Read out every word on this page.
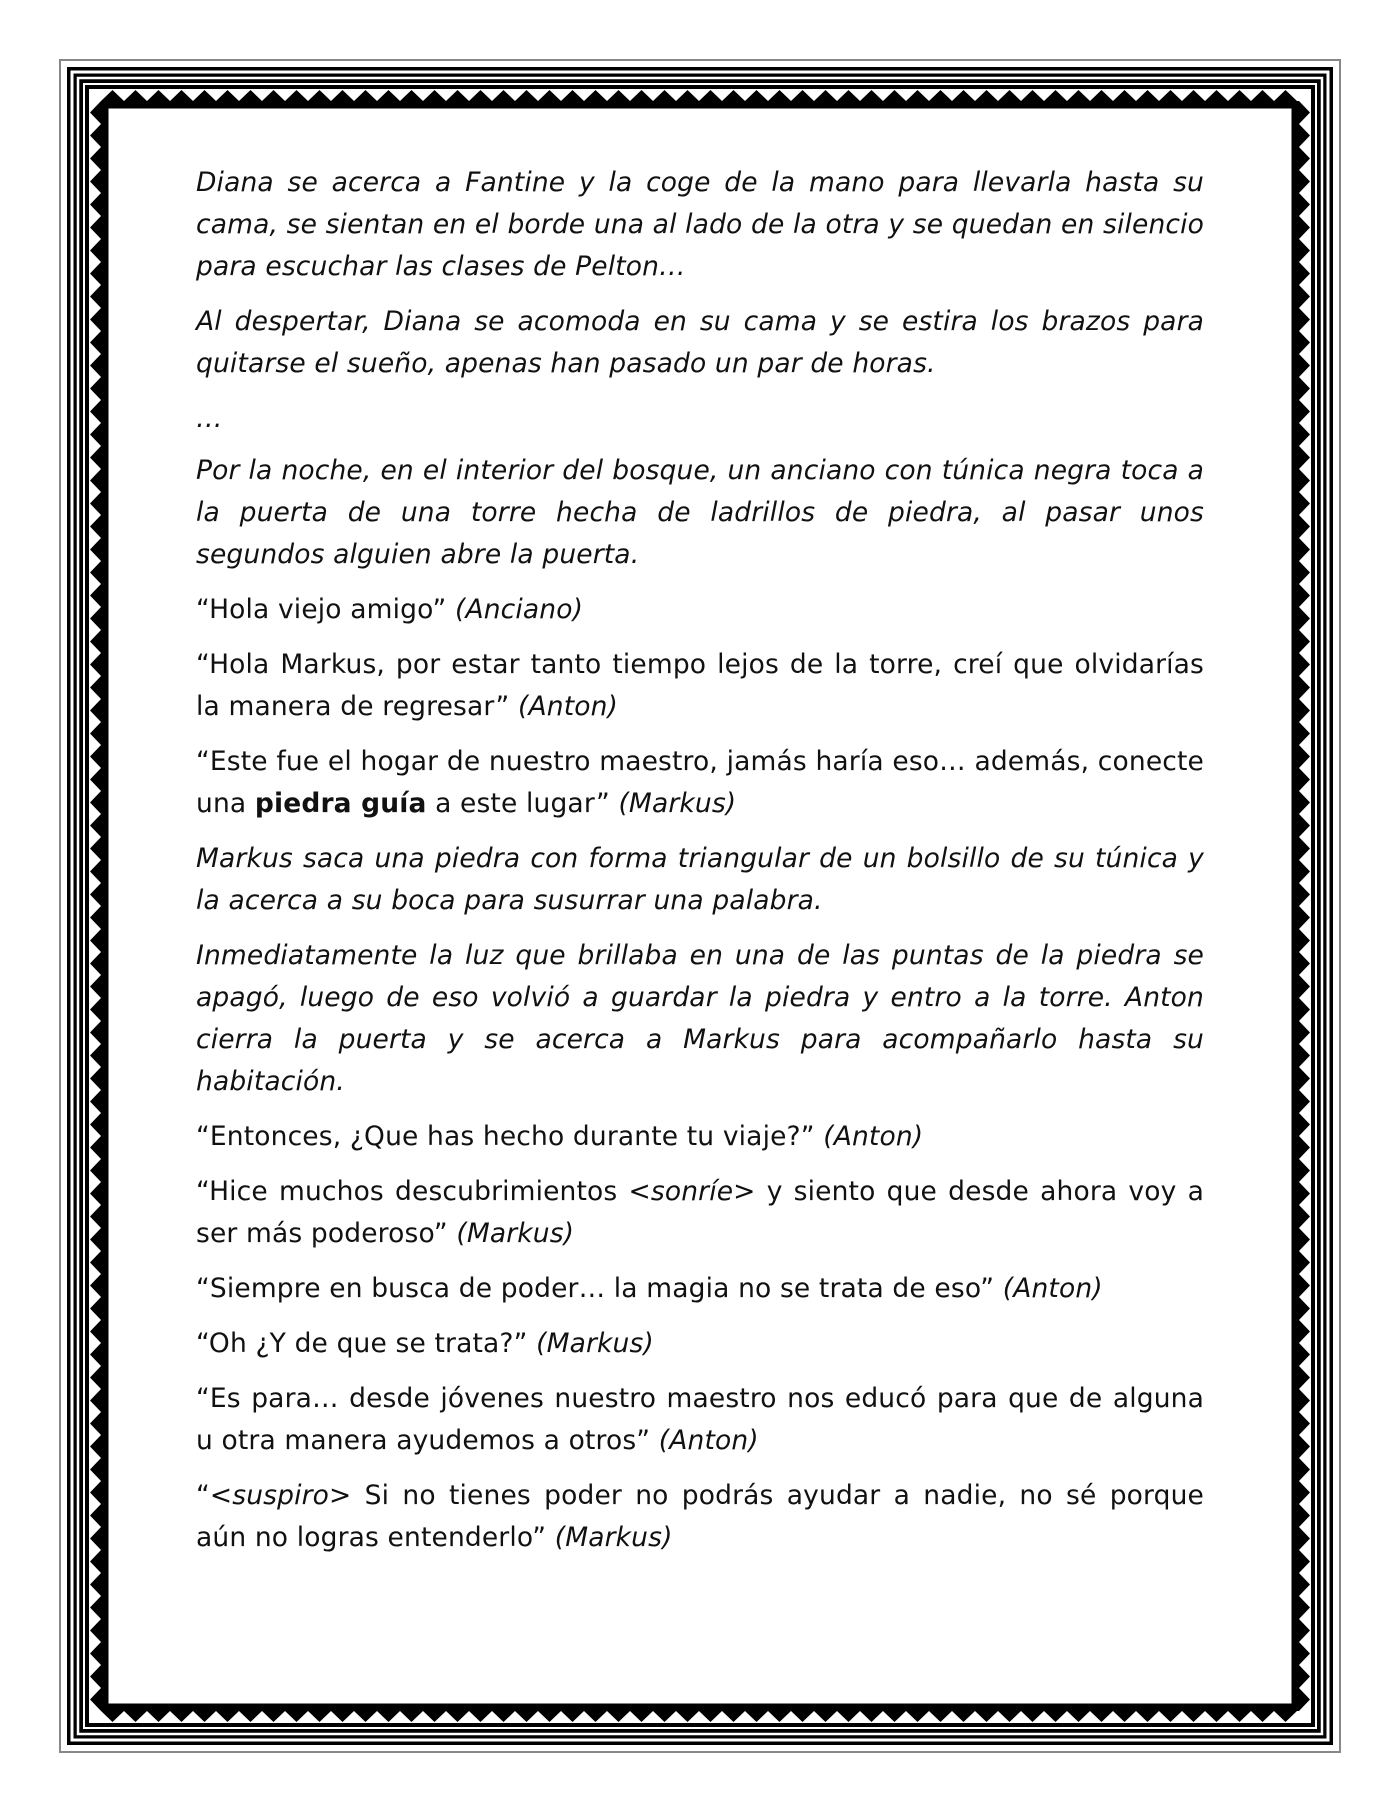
Diana se acerca a Fantine y la coge de la mano para llevarla hasta su cama, se sientan en el borde una al lado de la otra y se quedan en silencio para escuchar las clases de Pelton…

Al despertar, Diana se acomoda en su cama y se estira los brazos para quitarse el sueño, apenas han pasado un par de horas.

…

Por la noche, en el interior del bosque, un anciano con túnica negra toca a la puerta de una torre hecha de ladrillos de piedra, al pasar unos segundos alguien abre la puerta.

“Hola viejo amigo” (Anciano)

“Hola Markus, por estar tanto tiempo lejos de la torre, creí que olvidarías la manera de regresar” (Anton)

“Este fue el hogar de nuestro maestro, jamás haría eso… además, conecte una piedra guía a este lugar” (Markus)

Markus saca una piedra con forma triangular de un bolsillo de su túnica y la acerca a su boca para susurrar una palabra.

Inmediatamente la luz que brillaba en una de las puntas de la piedra se apagó, luego de eso volvió a guardar la piedra y entro a la torre. Anton cierra la puerta y se acerca a Markus para acompañarlo hasta su habitación.

“Entonces, ¿Que has hecho durante tu viaje?” (Anton)

“Hice muchos descubrimientos <sonríe> y siento que desde ahora voy a ser más poderoso” (Markus)

“Siempre en busca de poder… la magia no se trata de eso” (Anton)

“Oh ¿Y de que se trata?” (Markus)

“Es para… desde jóvenes nuestro maestro nos educó para que de alguna u otra manera ayudemos a otros” (Anton)

“<suspiro> Si no tienes poder no podrás ayudar a nadie, no sé porque aún no logras entenderlo” (Markus)
